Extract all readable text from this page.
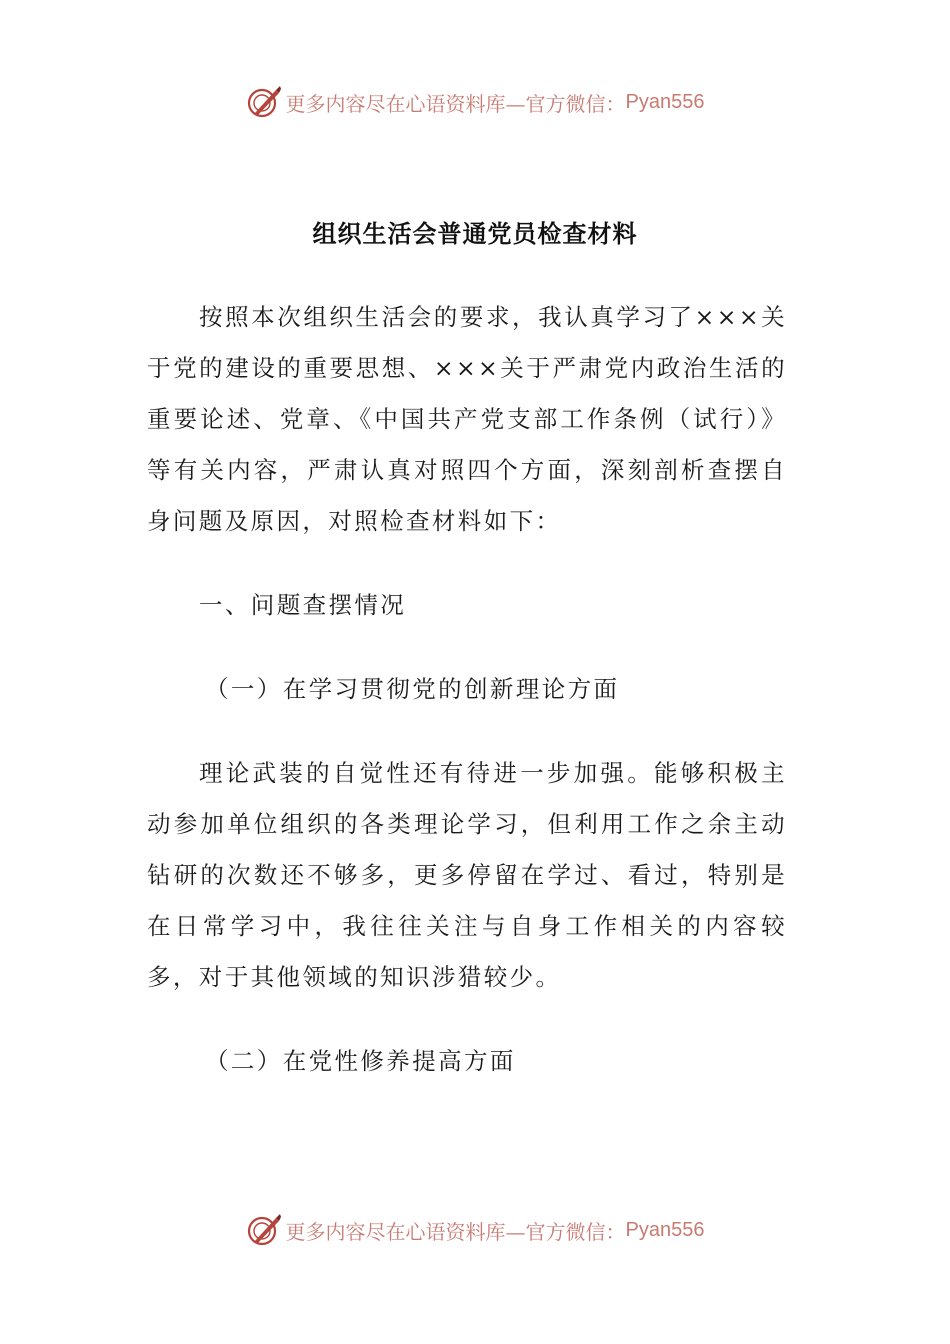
更多内容尽在心语资料库—官方微信： Pyan556
组织生活会普通党员检查材料

按照本次组织生活会的要求，我认真学习了×××关于党的建设的重要思想、×××关于严肃党内政治生活的重要论述、党章、《中国共产党支部工作条例（试行）》等有关内容，严肃认真对照四个方面，深刻剖析查摆自身问题及原因，对照检查材料如下：

一、问题查摆情况

（一）在学习贯彻党的创新理论方面

理论武装的自觉性还有待进一步加强。能够积极主动参加单位组织的各类理论学习，但利用工作之余主动钻研的次数还不够多，更多停留在学过、看过，特别是在日常学习中，我往往关注与自身工作相关的内容较多，对于其他领域的知识涉猎较少。

（二）在党性修养提高方面

更多内容尽在心语资料库—官方微信： Pyan556
